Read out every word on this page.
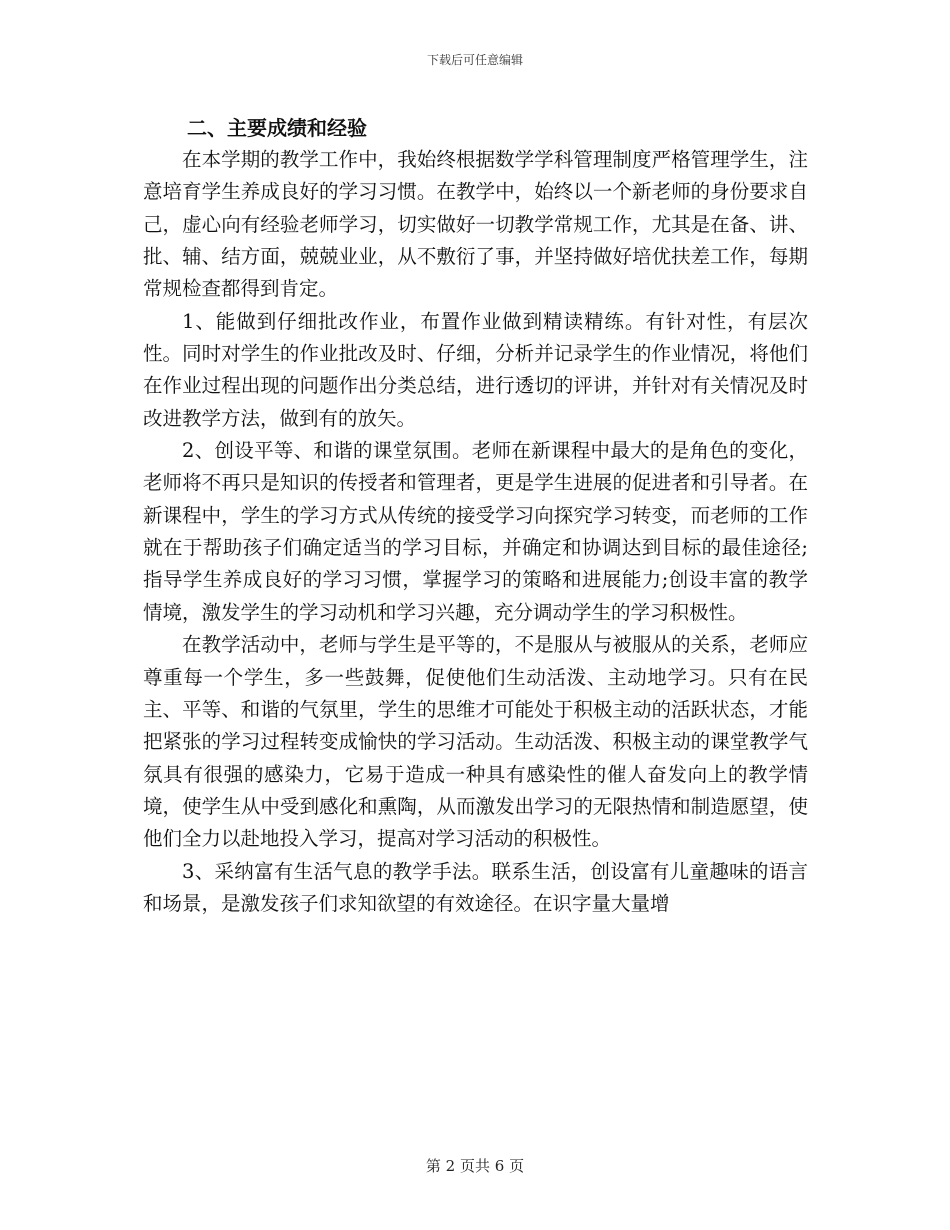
下载后可任意编辑
二、主要成绩和经验

在本学期的教学工作中，我始终根据数学学科管理制度严格管理学生，注意培育学生养成良好的学习习惯。在教学中，始终以一个新老师的身份要求自己，虚心向有经验老师学习，切实做好一切教学常规工作，尤其是在备、讲、批、辅、结方面，兢兢业业，从不敷衍了事，并坚持做好培优扶差工作，每期常规检查都得到肯定。

1、能做到仔细批改作业，布置作业做到精读精练。有针对性，有层次性。同时对学生的作业批改及时、仔细，分析并记录学生的作业情况，将他们在作业过程出现的问题作出分类总结，进行透切的评讲，并针对有关情况及时改进教学方法，做到有的放矢。

2、创设平等、和谐的课堂氛围。老师在新课程中最大的是角色的变化，老师将不再只是知识的传授者和管理者，更是学生进展的促进者和引导者。在新课程中，学生的学习方式从传统的接受学习向探究学习转变，而老师的工作就在于帮助孩子们确定适当的学习目标，并确定和协调达到目标的最佳途径;指导学生养成良好的学习习惯，掌握学习的策略和进展能力;创设丰富的教学情境，激发学生的学习动机和学习兴趣，充分调动学生的学习积极性。

在教学活动中，老师与学生是平等的，不是服从与被服从的关系，老师应尊重每一个学生，多一些鼓舞，促使他们生动活泼、主动地学习。只有在民主、平等、和谐的气氛里，学生的思维才可能处于积极主动的活跃状态，才能把紧张的学习过程转变成愉快的学习活动。生动活泼、积极主动的课堂教学气氛具有很强的感染力，它易于造成一种具有感染性的催人奋发向上的教学情境，使学生从中受到感化和熏陶，从而激发出学习的无限热情和制造愿望，使他们全力以赴地投入学习，提高对学习活动的积极性。

3、采纳富有生活气息的教学手法。联系生活，创设富有儿童趣味的语言和场景，是激发孩子们求知欲望的有效途径。在识字量大量增

第 2 页共 6 页
